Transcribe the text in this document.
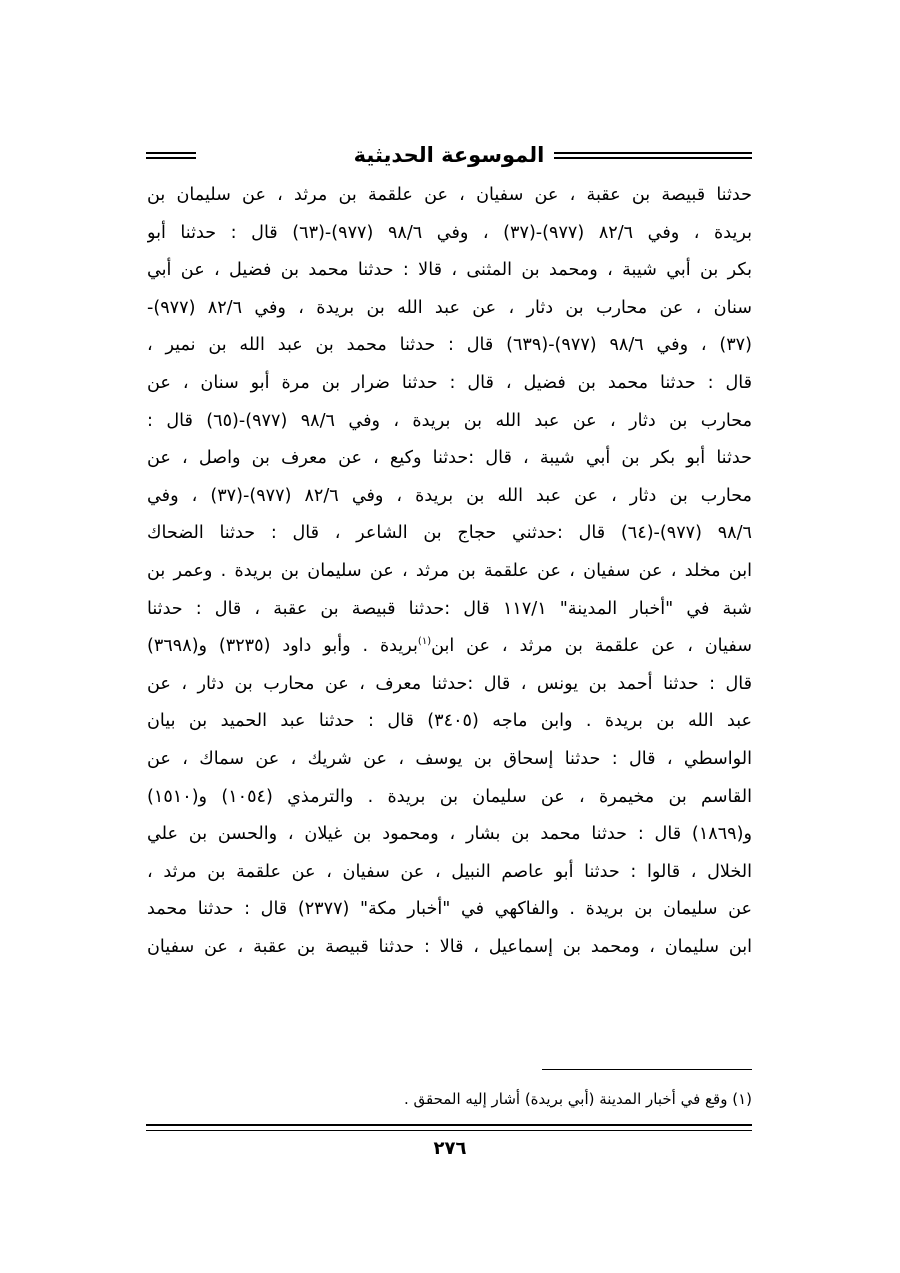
الموسوعة الحديثية
حدثنا قبيصة بن عقبة ، عن سفيان ، عن علقمة بن مرثد ، عن سليمان بن
بريدة ، وفي ٨٢/٦ (٩٧٧)-(٣٧) ، وفي ٩٨/٦ (٩٧٧)-(٦٣) قال : حدثنا أبو
بكر بن أبي شيبة ، ومحمد بن المثنى ، قالا : حدثنا محمد بن فضيل ، عن أبي
سنان ، عن محارب بن دثار ، عن عبد الله بن بريدة ، وفي ٨٢/٦ (٩٧٧)-
(٣٧) ، وفي ٩٨/٦ (٩٧٧)-(٦٣٩) قال : حدثنا محمد بن عبد الله بن نمير ،
قال : حدثنا محمد بن فضيل ، قال : حدثنا ضرار بن مرة أبو سنان ، عن
محارب بن دثار ، عن عبد الله بن بريدة ، وفي ٩٨/٦ (٩٧٧)-(٦٥) قال :
حدثنا أبو بكر بن أبي شيبة ، قال :حدثنا وكيع ، عن معرف بن واصل ، عن
محارب بن دثار ، عن عبد الله بن بريدة ، وفي ٨٢/٦ (٩٧٧)-(٣٧) ، وفي
٩٨/٦ (٩٧٧)-(٦٤) قال :حدثني حجاج بن الشاعر ، قال : حدثنا الضحاك
ابن مخلد ، عن سفيان ، عن علقمة بن مرثد ، عن سليمان بن بريدة . وعمر بن
شبة في "أخبار المدينة" ١١٧/١ قال :حدثنا قبيصة بن عقبة ، قال : حدثنا
سفيان ، عن علقمة بن مرثد ، عن ابن$^{(١)}$بريدة . وأبو داود (٣٢٣٥) و(٣٦٩٨)
قال : حدثنا أحمد بن يونس ، قال :حدثنا معرف ، عن محارب بن دثار ، عن
عبد الله بن بريدة . وابن ماجه (٣٤٠٥) قال : حدثنا عبد الحميد بن بيان
الواسطي ، قال : حدثنا إسحاق بن يوسف ، عن شريك ، عن سماك ، عن
القاسم بن مخيمرة ، عن سليمان بن بريدة . والترمذي (١٠٥٤) و(١٥١٠)
و(١٨٦٩) قال : حدثنا محمد بن بشار ، ومحمود بن غيلان ، والحسن بن علي
الخلال ، قالوا : حدثنا أبو عاصم النبيل ، عن سفيان ، عن علقمة بن مرثد ،
عن سليمان بن بريدة . والفاكهي في "أخبار مكة" (٢٣٧٧) قال : حدثنا محمد
ابن سليمان ، ومحمد بن إسماعيل ، قالا : حدثنا قبيصة بن عقبة ، عن سفيان
(١) وقع في أخبار المدينة (أبي بريدة) أشار إليه المحقق .
٢٧٦
